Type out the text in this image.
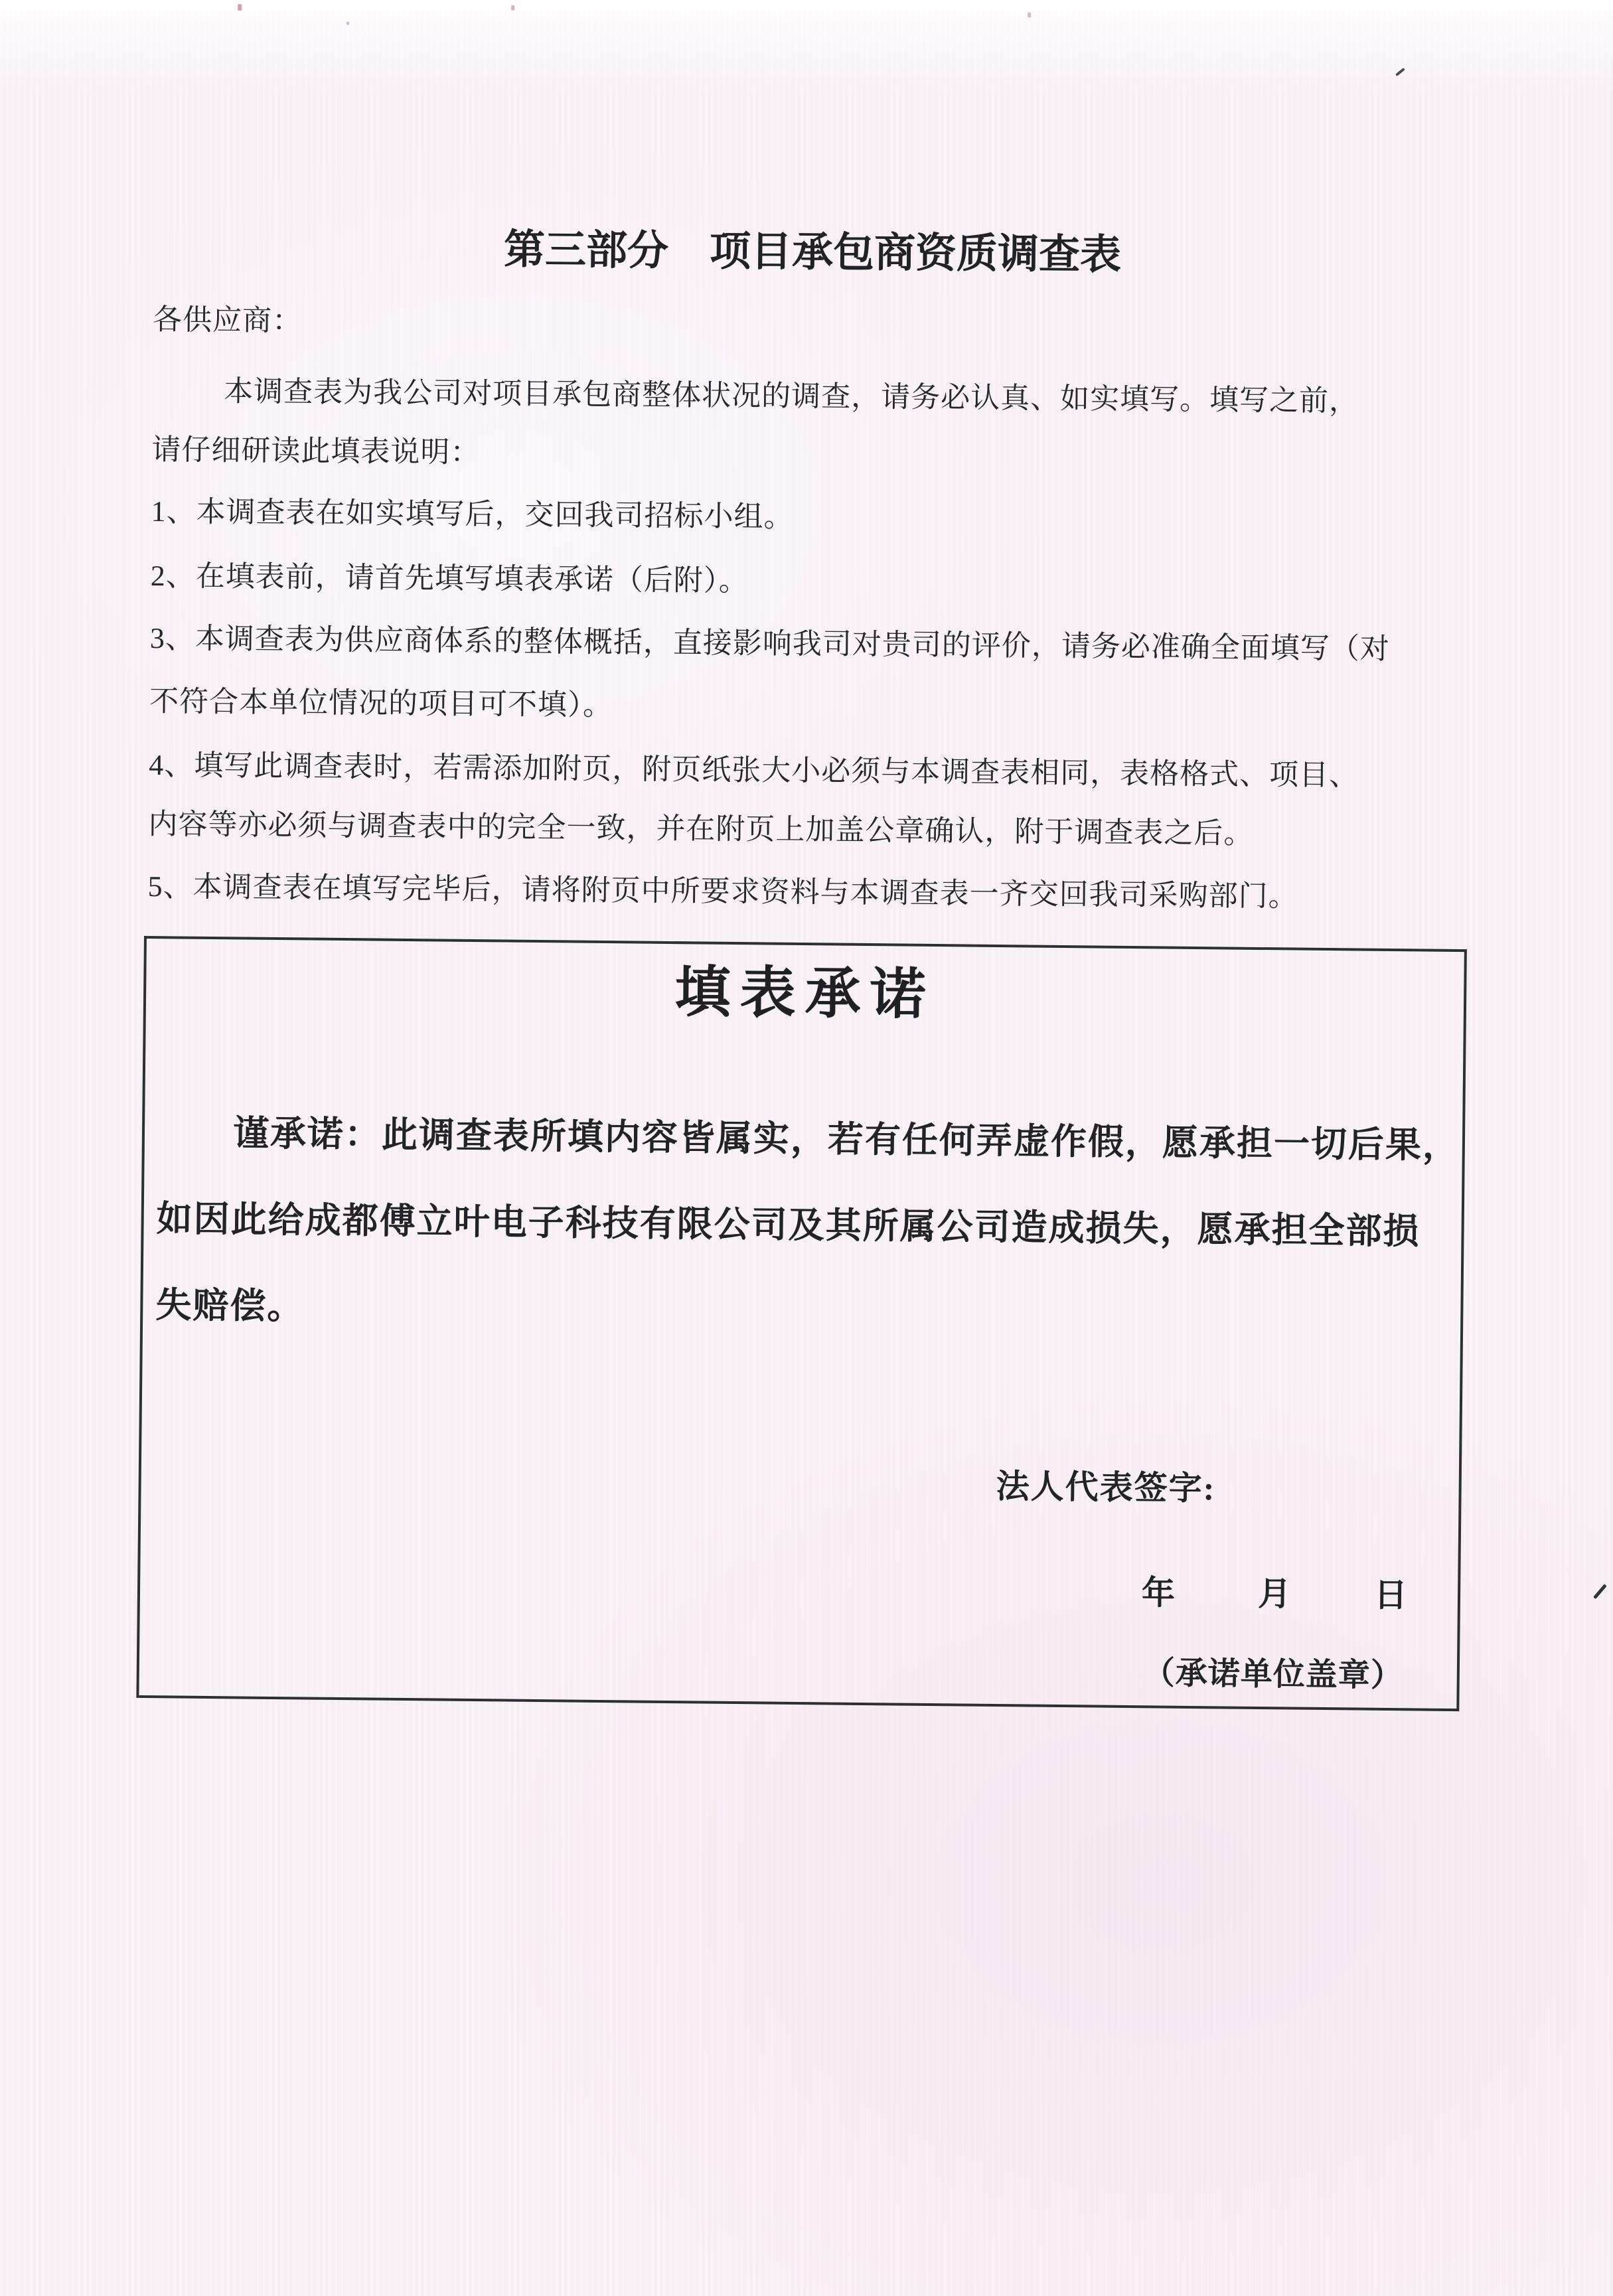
第三部分　项目承包商资质调查表
各供应商：
本调查表为我公司对项目承包商整体状况的调查，请务必认真、如实填写。填写之前，
请仔细研读此填表说明：
1、本调查表在如实填写后，交回我司招标小组。
2、在填表前，请首先填写填表承诺（后附）。
3、本调查表为供应商体系的整体概括，直接影响我司对贵司的评价，请务必准确全面填写（对
不符合本单位情况的项目可不填）。
4、填写此调查表时，若需添加附页，附页纸张大小必须与本调查表相同，表格格式、项目、
内容等亦必须与调查表中的完全一致，并在附页上加盖公章确认，附于调查表之后。
5、本调查表在填写完毕后，请将附页中所要求资料与本调查表一齐交回我司采购部门。
填表承诺
谨承诺：此调查表所填内容皆属实，若有任何弄虚作假，愿承担一切后果，
如因此给成都傅立叶电子科技有限公司及其所属公司造成损失，愿承担全部损
失赔偿。
法人代表签字:
年 月 日
（承诺单位盖章）
